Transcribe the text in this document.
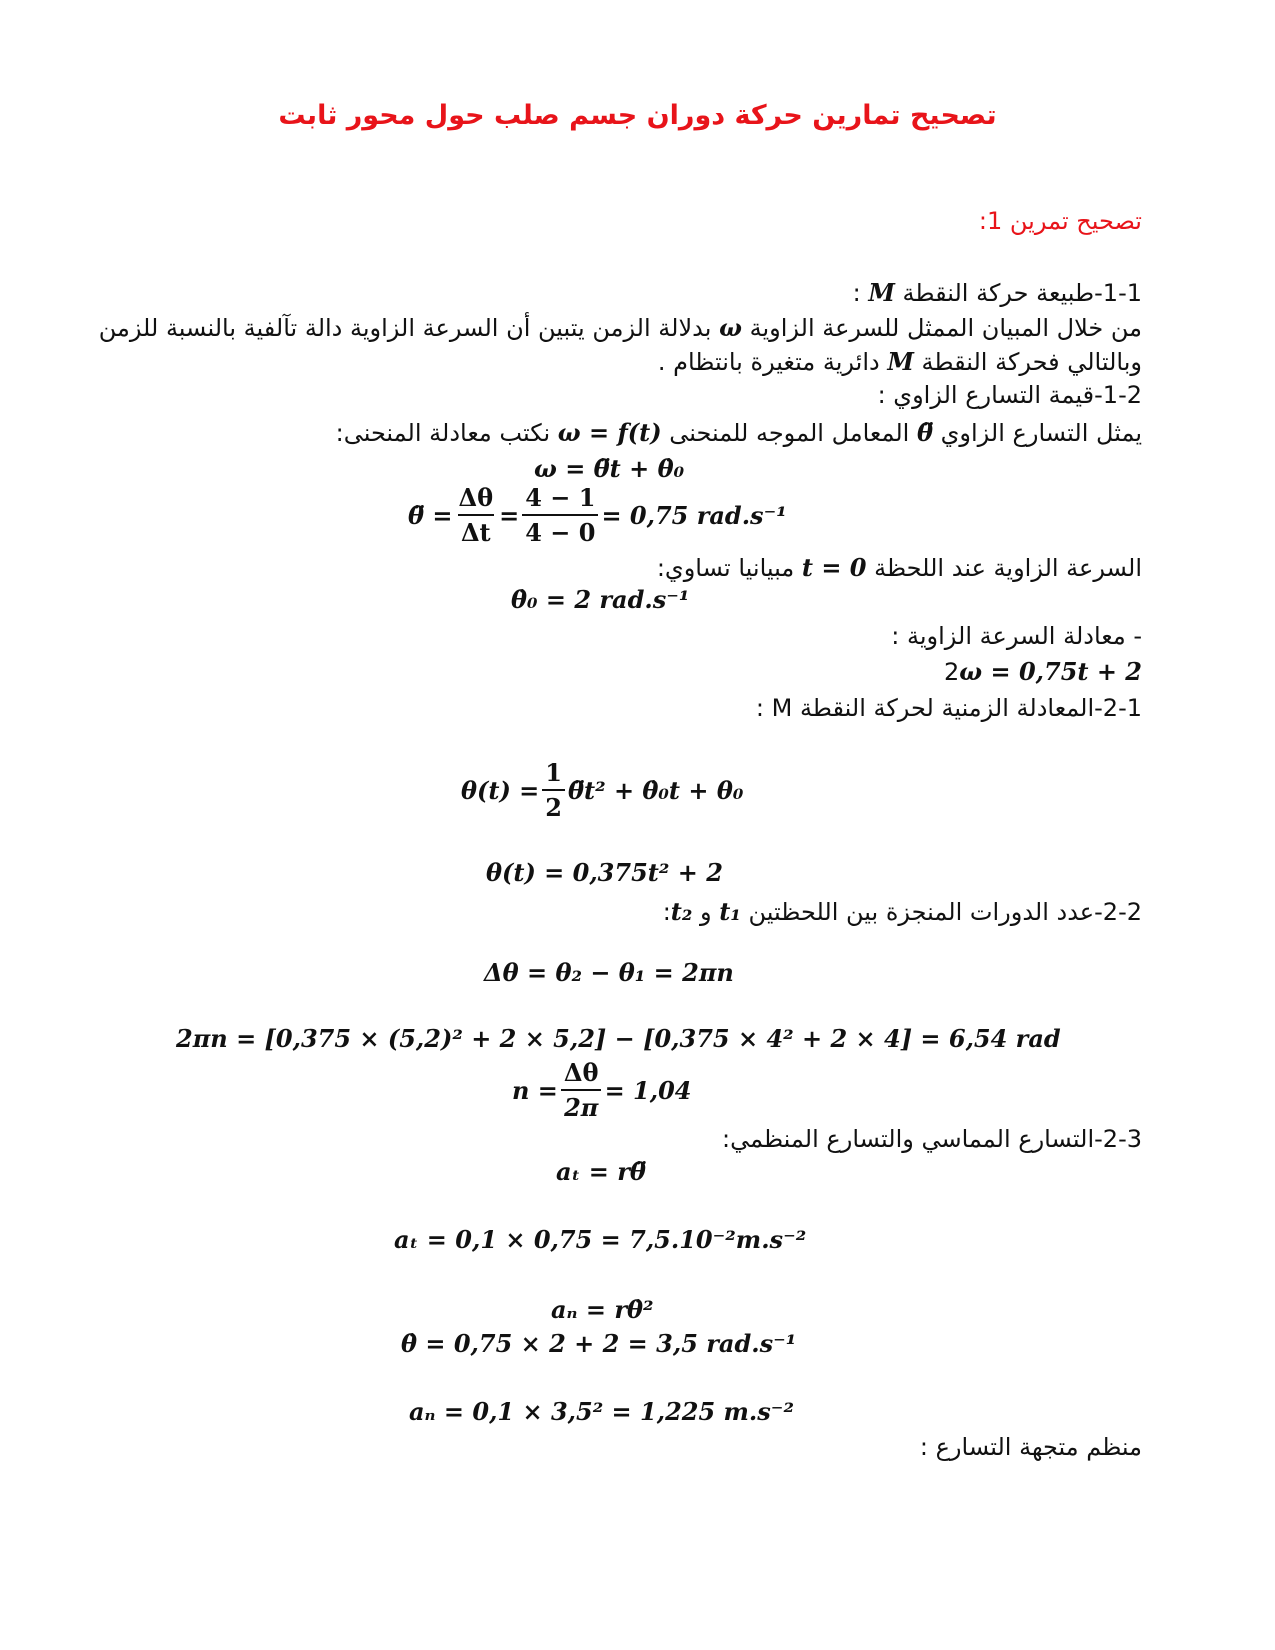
تصحيح تمارين حركة دوران جسم صلب حول محور ثابت
تصحيح تمرين 1:
1-1-طبيعة حركة النقطة M :
من خلال المبيان الممثل للسرعة الزاوية ω بدلالة الزمن يتبين أن السرعة الزاوية دالة تآلفية بالنسبة للزمن
وبالتالي فحركة النقطة M دائرية متغيرة بانتظام .
1-2-قيمة التسارع الزاوي :
يمثل التسارع الزاوي θ̈ المعامل الموجه للمنحنى ω = f(t) نكتب معادلة المنحنى:
ω = θ̈t + θ̇₀
θ̈ = $\frac{\Delta\theta}{\Delta t} = \frac{4 - 1}{4 - 0} = 0,75$ rad.s⁻¹
السرعة الزاوية عند اللحظة t = 0 مبيانيا تساوي:
θ̇₀ = 2 rad.s⁻¹
- معادلة السرعة الزاوية :
2ω = 0,75t + 2
2-1-المعادلة الزمنية لحركة النقطة M :
$\theta(t) = \frac{1}{2}$ θ̈t² + θ̇₀t + θ₀
θ(t) = 0,375t² + 2
2-2-عدد الدورات المنجزة بين اللحظتين t₁ و t₂:
Δθ = θ₂ − θ₁ = 2πn
2πn = [0,375 × (5,2)² + 2 × 5,2] − [0,375 × 4² + 2 × 4] = 6,54 rad
$n = \frac{\Delta\theta}{2\pi} = 1,04$
2-3-التسارع المماسي والتسارع المنظمي:
aₜ = rθ̈
aₜ = 0,1 × 0,75 = 7,5.10⁻²m.s⁻²
aₙ = rθ̇²
θ̇ = 0,75 × 2 + 2 = 3,5 rad.s⁻¹
aₙ = 0,1 × 3,5² = 1,225 m.s⁻²
منظم متجهة التسارع :
